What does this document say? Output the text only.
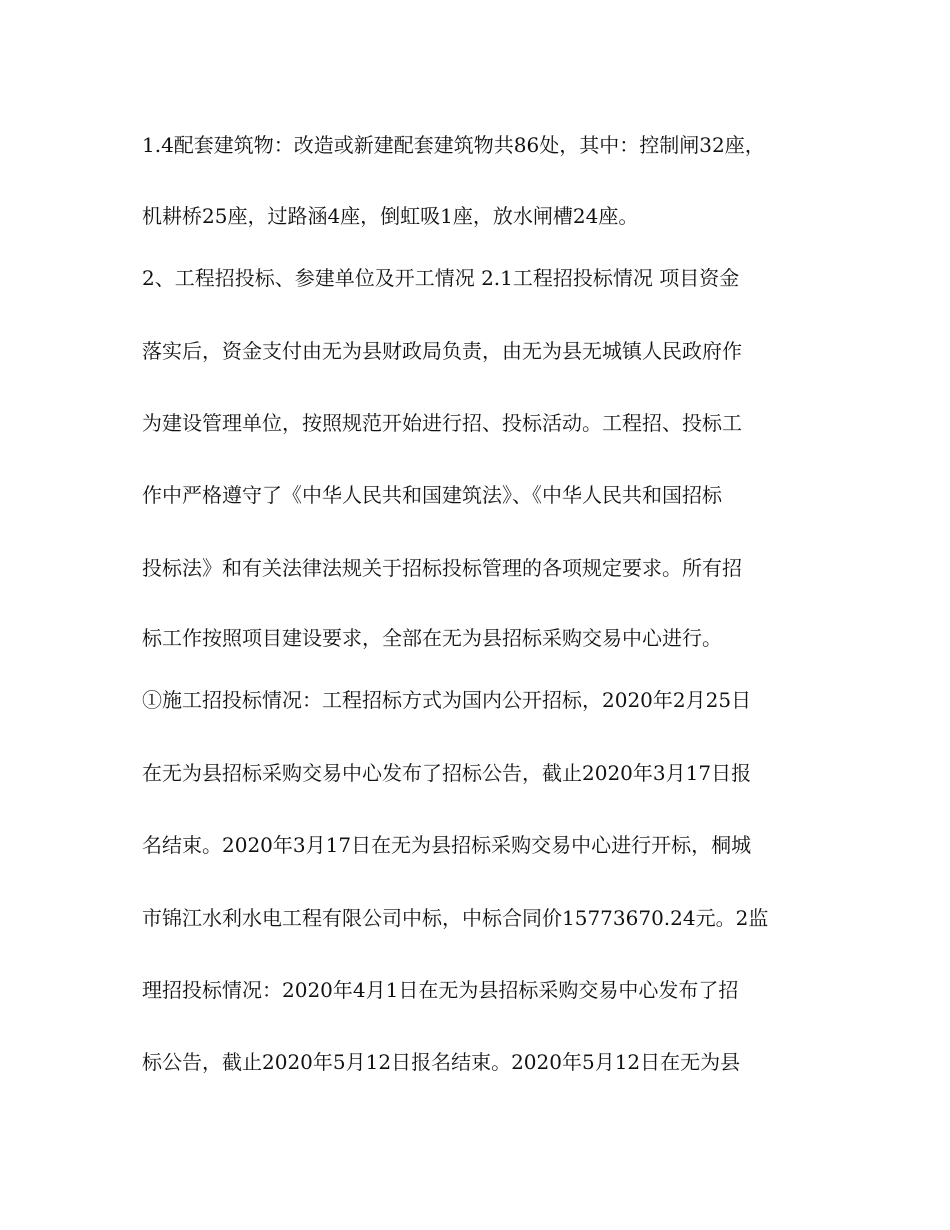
1.4配套建筑物：改造或新建配套建筑物共86处，其中：控制闸32座，
机耕桥25座，过路涵4座，倒虹吸1座，放水闸槽24座。
2、工程招投标、参建单位及开工情况 2.1工程招投标情况 项目资金
落实后，资金支付由无为县财政局负责，由无为县无城镇人民政府作
为建设管理单位，按照规范开始进行招、投标活动。工程招、投标工
作中严格遵守了《中华人民共和国建筑法》、《中华人民共和国招标
投标法》和有关法律法规关于招标投标管理的各项规定要求。所有招
标工作按照项目建设要求，全部在无为县招标采购交易中心进行。
①施工招投标情况：工程招标方式为国内公开招标，2020年2月25日
在无为县招标采购交易中心发布了招标公告，截止2020年3月17日报
名结束。2020年3月17日在无为县招标采购交易中心进行开标，桐城
市锦江水利水电工程有限公司中标，中标合同价15773670.24元。2监
理招投标情况：2020年4月1日在无为县招标采购交易中心发布了招
标公告，截止2020年5月12日报名结束。2020年5月12日在无为县
